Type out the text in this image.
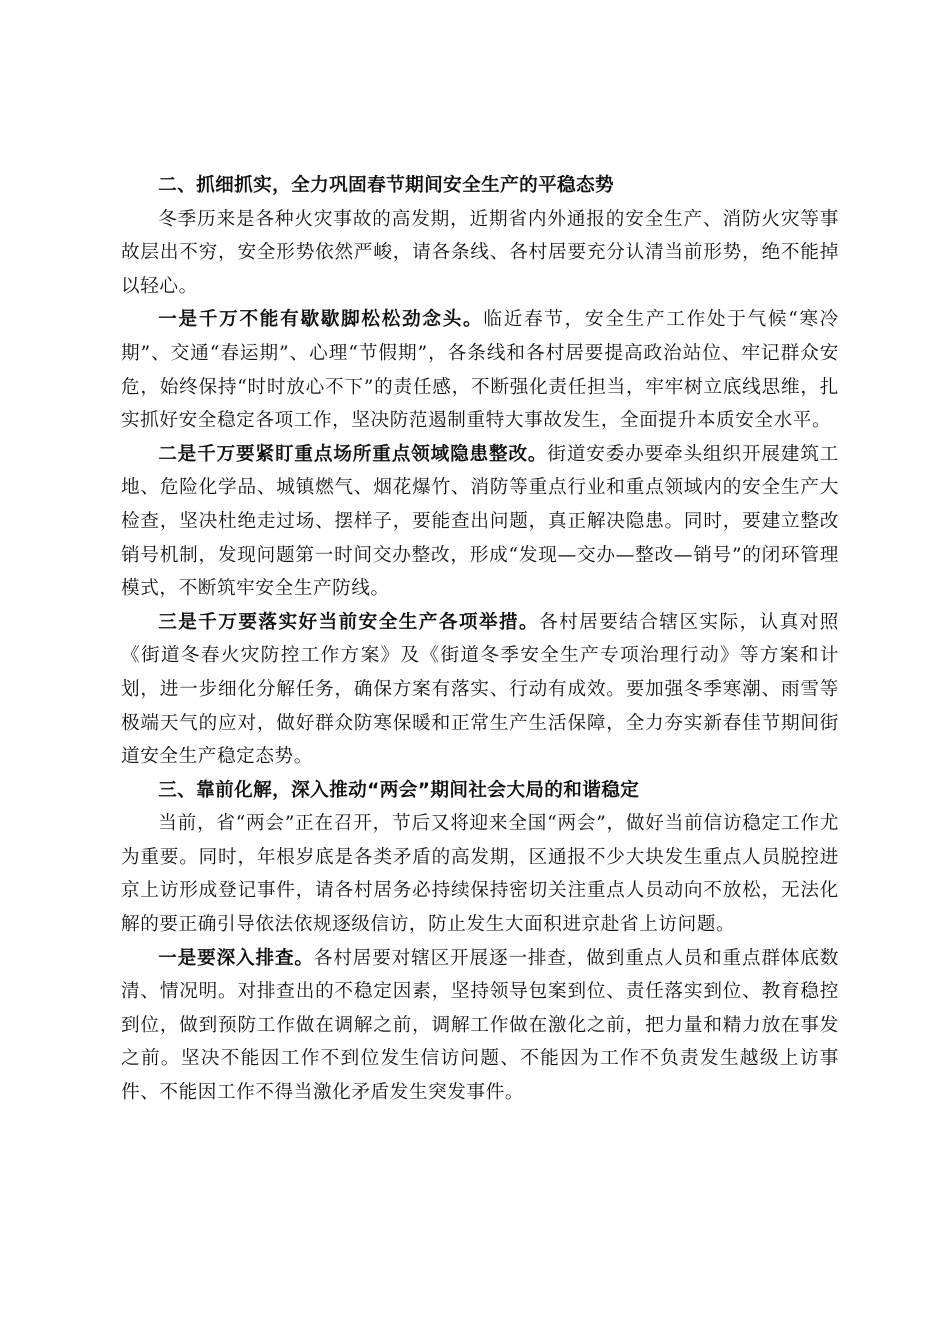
二、抓细抓实，全力巩固春节期间安全生产的平稳态势

冬季历来是各种火灾事故的高发期，近期省内外通报的安全生产、消防火灾等事故层出不穷，安全形势依然严峻，请各条线、各村居要充分认清当前形势，绝不能掉以轻心。

一是千万不能有歇歇脚松松劲念头。临近春节，安全生产工作处于气候“寒冷期”、交通“春运期”、心理“节假期”，各条线和各村居要提高政治站位、牢记群众安危，始终保持“时时放心不下”的责任感，不断强化责任担当，牢牢树立底线思维，扎实抓好安全稳定各项工作，坚决防范遏制重特大事故发生，全面提升本质安全水平。

二是千万要紧盯重点场所重点领域隐患整改。街道安委办要牵头组织开展建筑工地、危险化学品、城镇燃气、烟花爆竹、消防等重点行业和重点领域内的安全生产大检查，坚决杜绝走过场、摆样子，要能查出问题，真正解决隐患。同时，要建立整改销号机制，发现问题第一时间交办整改，形成“发现—交办—整改—销号”的闭环管理模式，不断筑牢安全生产防线。

三是千万要落实好当前安全生产各项举措。各村居要结合辖区实际，认真对照《街道冬春火灾防控工作方案》及《街道冬季安全生产专项治理行动》等方案和计划，进一步细化分解任务，确保方案有落实、行动有成效。要加强冬季寒潮、雨雪等极端天气的应对，做好群众防寒保暖和正常生产生活保障，全力夯实新春佳节期间街道安全生产稳定态势。

三、靠前化解，深入推动“两会”期间社会大局的和谐稳定

当前，省“两会”正在召开，节后又将迎来全国“两会”，做好当前信访稳定工作尤为重要。同时，年根岁底是各类矛盾的高发期，区通报不少大块发生重点人员脱控进京上访形成登记事件，请各村居务必持续保持密切关注重点人员动向不放松，无法化解的要正确引导依法依规逐级信访，防止发生大面积进京赴省上访问题。

一是要深入排查。各村居要对辖区开展逐一排查，做到重点人员和重点群体底数清、情况明。对排查出的不稳定因素，坚持领导包案到位、责任落实到位、教育稳控到位，做到预防工作做在调解之前，调解工作做在激化之前，把力量和精力放在事发之前。坚决不能因工作不到位发生信访问题、不能因为工作不负责发生越级上访事件、不能因工作不得当激化矛盾发生突发事件。
